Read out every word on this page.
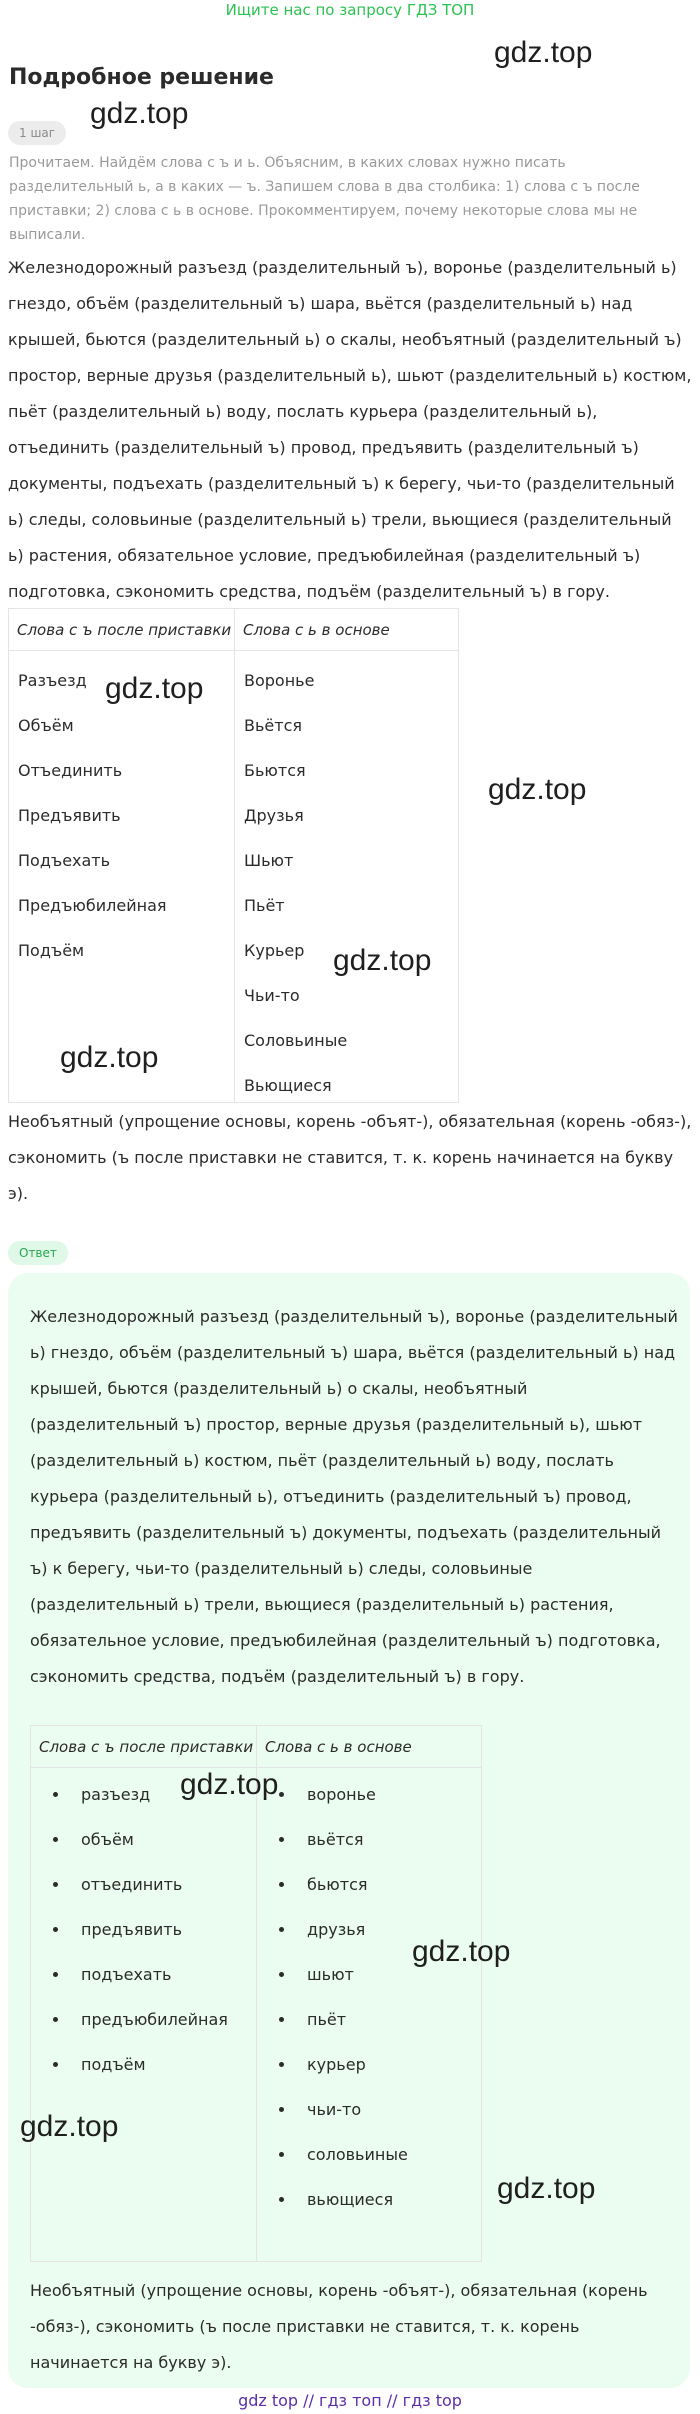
Ищите нас по запросу ГДЗ ТОП
Подробное решение
1 шаг
Прочитаем. Найдём слова с ъ и ь. Объясним, в каких словах нужно писать разделительный ь, а в каких — ъ. Запишем слова в два столбика: 1) слова с ъ после приставки; 2) слова с ь в основе. Прокомментируем, почему некоторые слова мы не выписали.
Железнодорожный разъезд (разделительный ъ), воронье (разделительный ь) гнездо, объём (разделительный ъ) шара, вьётся (разделительный ь) над крышей, бьются (разделительный ь) о скалы, необъятный (разделительный ъ) простор, верные друзья (разделительный ь), шьют (разделительный ь) костюм, пьёт (разделительный ь) воду, послать курьера (разделительный ь), отъединить (разделительный ъ) провод, предъявить (разделительный ъ) документы, подъехать (разделительный ъ) к берегу, чьи-то (разделительный ь) следы, соловьиные (разделительный ь) трели, вьющиеся (разделительный ь) растения, обязательное условие, предъюбилейная (разделительный ъ) подготовка, сэкономить средства, подъём (разделительный ъ) в гору.
Слова с ъ после приставки Слова с ь в основе
Разъезд
Объём
Отъединить
Предъявить
Подъехать
Предъюбилейная
Подъём
Воронье
Вьётся
Бьются
Друзья
Шьют
Пьёт
Курьер
Чьи-то
Соловьиные
Вьющиеся
Необъятный (упрощение основы, корень -объят-), обязательная (корень -обяз-), сэкономить (ъ после приставки не ставится, т. к. корень начинается на букву э).
Ответ
Железнодорожный разъезд (разделительный ъ), воронье (разделительный ь) гнездо, объём (разделительный ъ) шара, вьётся (разделительный ь) над крышей, бьются (разделительный ь) о скалы, необъятный (разделительный ъ) простор, верные друзья (разделительный ь), шьют (разделительный ь) костюм, пьёт (разделительный ь) воду, послать курьера (разделительный ь), отъединить (разделительный ъ) провод, предъявить (разделительный ъ) документы, подъехать (разделительный ъ) к берегу, чьи-то (разделительный ь) следы, соловьиные (разделительный ь) трели, вьющиеся (разделительный ь) растения, обязательное условие, предъюбилейная (разделительный ъ) подготовка, сэкономить средства, подъём (разделительный ъ) в гору.
Слова с ъ после приставки Слова с ь в основе
разъезд
объём
отъединить
предъявить
подъехать
предъюбилейная
подъём
воронье
вьётся
бьются
друзья
шьют
пьёт
курьер
чьи-то
соловьиные
вьющиеся
Необъятный (упрощение основы, корень -объят-), обязательная (корень -обяз-), сэкономить (ъ после приставки не ставится, т. к. корень начинается на букву э).
gdz.top
gdz.top
gdz.top
gdz.top
gdz.top
gdz.top
gdz.top
gdz.top
gdz.top
gdz.top
gdz top // гдз топ // гдз top
